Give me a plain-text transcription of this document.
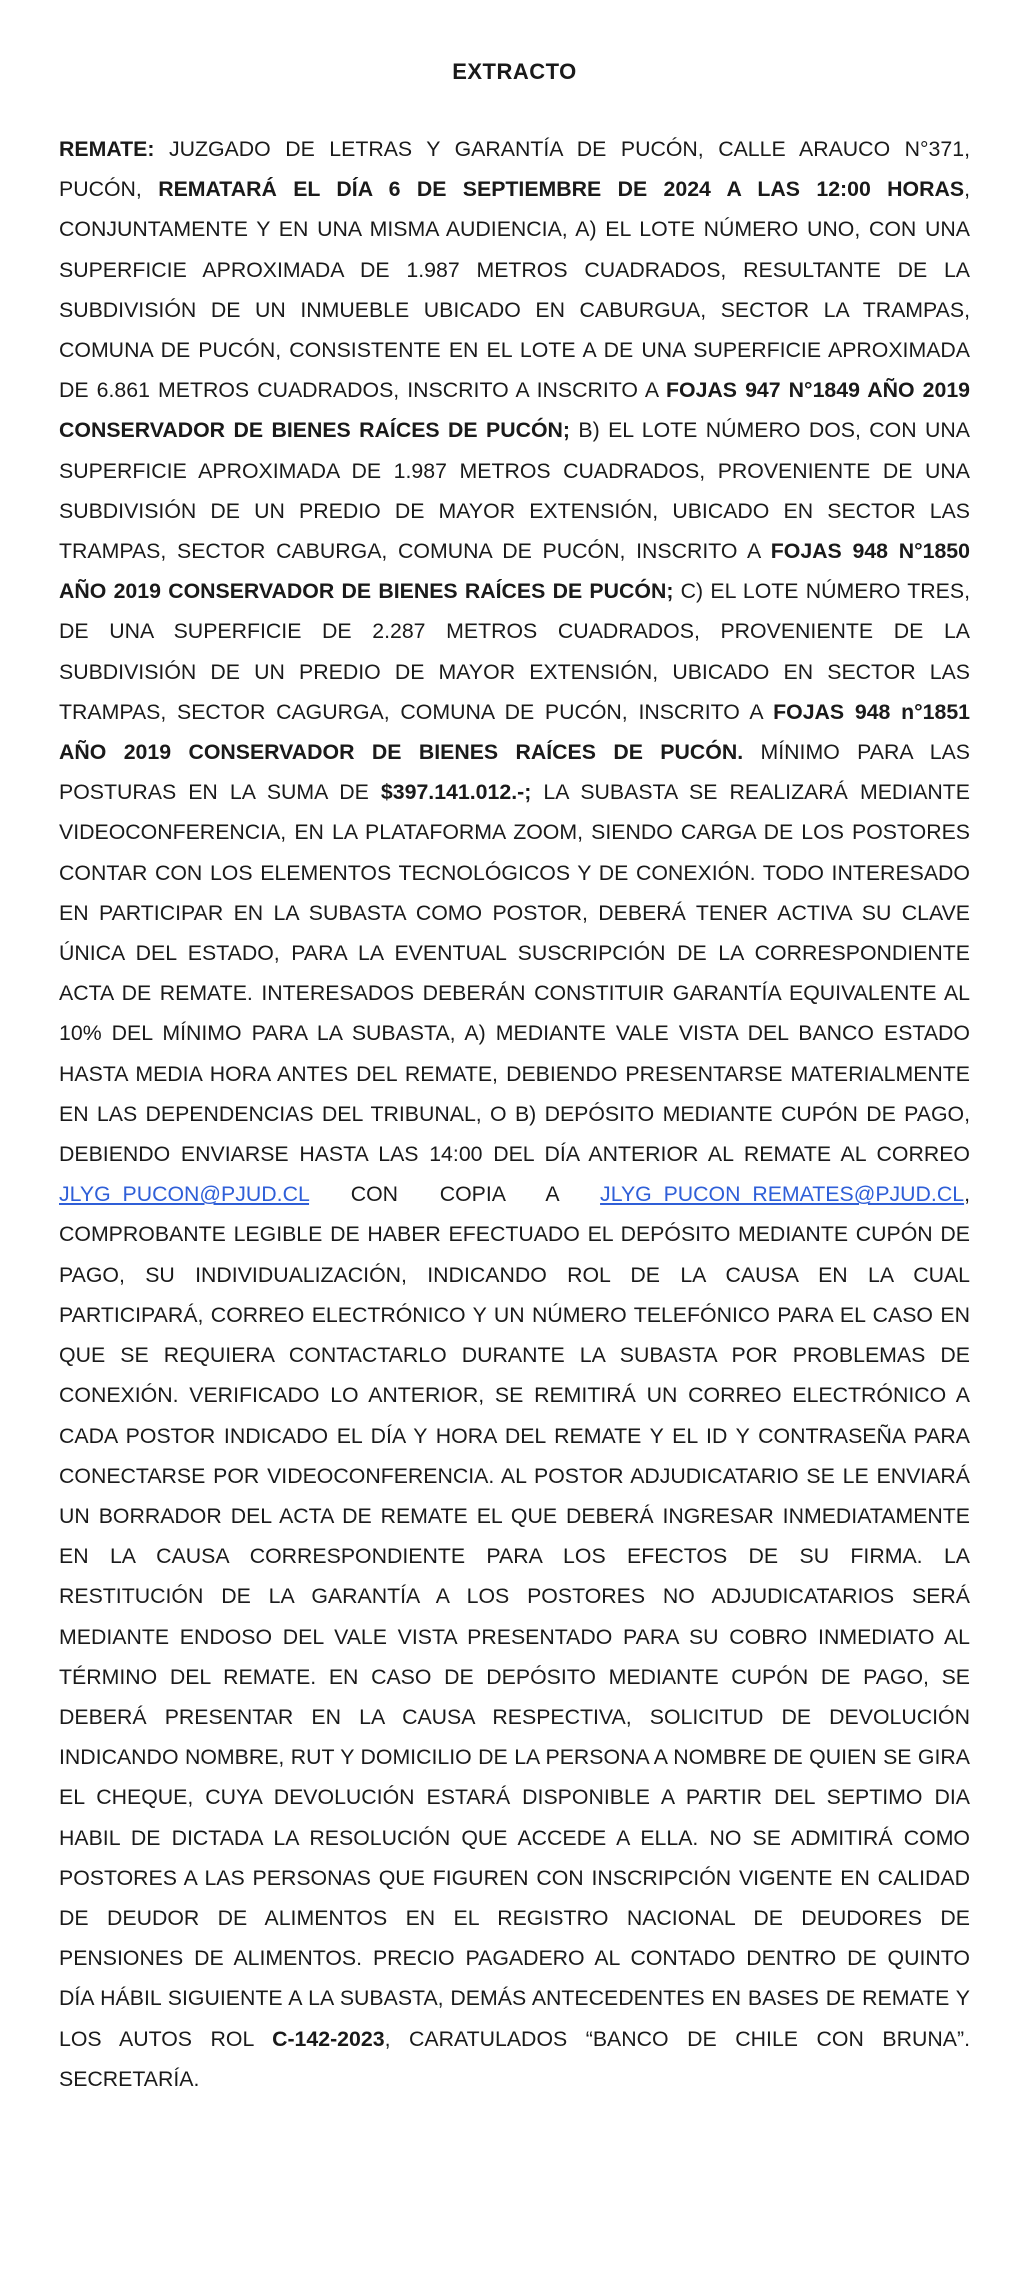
EXTRACTO

REMATE: JUZGADO DE LETRAS Y GARANTÍA DE PUCÓN, CALLE ARAUCO N°371, PUCÓN, REMATARÁ EL DÍA 6 DE SEPTIEMBRE DE 2024 A LAS 12:00 HORAS, CONJUNTAMENTE Y EN UNA MISMA AUDIENCIA, A) EL LOTE NÚMERO UNO, CON UNA SUPERFICIE APROXIMADA DE 1.987 METROS CUADRADOS, RESULTANTE DE LA SUBDIVISIÓN DE UN INMUEBLE UBICADO EN CABURGUA, SECTOR LA TRAMPAS, COMUNA DE PUCÓN, CONSISTENTE EN EL LOTE A DE UNA SUPERFICIE APROXIMADA DE 6.861 METROS CUADRADOS, INSCRITO A INSCRITO A FOJAS 947 N°1849 AÑO 2019 CONSERVADOR DE BIENES RAÍCES DE PUCÓN; B) EL LOTE NÚMERO DOS, CON UNA SUPERFICIE APROXIMADA DE 1.987 METROS CUADRADOS, PROVENIENTE DE UNA SUBDIVISIÓN DE UN PREDIO DE MAYOR EXTENSIÓN, UBICADO EN SECTOR LAS TRAMPAS, SECTOR CABURGA, COMUNA DE PUCÓN, INSCRITO A FOJAS 948 N°1850 AÑO 2019 CONSERVADOR DE BIENES RAÍCES DE PUCÓN; C) EL LOTE NÚMERO TRES, DE UNA SUPERFICIE DE 2.287 METROS CUADRADOS, PROVENIENTE DE LA SUBDIVISIÓN DE UN PREDIO DE MAYOR EXTENSIÓN, UBICADO EN SECTOR LAS TRAMPAS, SECTOR CAGURGA, COMUNA DE PUCÓN, INSCRITO A FOJAS 948 n°1851 AÑO 2019 CONSERVADOR DE BIENES RAÍCES DE PUCÓN. MÍNIMO PARA LAS POSTURAS EN LA SUMA DE $397.141.012.-; LA SUBASTA SE REALIZARÁ MEDIANTE VIDEOCONFERENCIA, EN LA PLATAFORMA ZOOM, SIENDO CARGA DE LOS POSTORES CONTAR CON LOS ELEMENTOS TECNOLÓGICOS Y DE CONEXIÓN. TODO INTERESADO EN PARTICIPAR EN LA SUBASTA COMO POSTOR, DEBERÁ TENER ACTIVA SU CLAVE ÚNICA DEL ESTADO, PARA LA EVENTUAL SUSCRIPCIÓN DE LA CORRESPONDIENTE ACTA DE REMATE. INTERESADOS DEBERÁN CONSTITUIR GARANTÍA EQUIVALENTE AL 10% DEL MÍNIMO PARA LA SUBASTA, A) MEDIANTE VALE VISTA DEL BANCO ESTADO HASTA MEDIA HORA ANTES DEL REMATE, DEBIENDO PRESENTARSE MATERIALMENTE EN LAS DEPENDENCIAS DEL TRIBUNAL, O B) DEPÓSITO MEDIANTE CUPÓN DE PAGO, DEBIENDO ENVIARSE HASTA LAS 14:00 DEL DÍA ANTERIOR AL REMATE AL CORREO JLYG_PUCON@PJUD.CL CON COPIA A JLYG_PUCON_REMATES@PJUD.CL, COMPROBANTE LEGIBLE DE HABER EFECTUADO EL DEPÓSITO MEDIANTE CUPÓN DE PAGO, SU INDIVIDUALIZACIÓN, INDICANDO ROL DE LA CAUSA EN LA CUAL PARTICIPARÁ, CORREO ELECTRÓNICO Y UN NÚMERO TELEFÓNICO PARA EL CASO EN QUE SE REQUIERA CONTACTARLO DURANTE LA SUBASTA POR PROBLEMAS DE CONEXIÓN. VERIFICADO LO ANTERIOR, SE REMITIRÁ UN CORREO ELECTRÓNICO A CADA POSTOR INDICADO EL DÍA Y HORA DEL REMATE Y EL ID Y CONTRASEÑA PARA CONECTARSE POR VIDEOCONFERENCIA. AL POSTOR ADJUDICATARIO SE LE ENVIARÁ UN BORRADOR DEL ACTA DE REMATE EL QUE DEBERÁ INGRESAR INMEDIATAMENTE EN LA CAUSA CORRESPONDIENTE PARA LOS EFECTOS DE SU FIRMA. LA RESTITUCIÓN DE LA GARANTÍA A LOS POSTORES NO ADJUDICATARIOS SERÁ MEDIANTE ENDOSO DEL VALE VISTA PRESENTADO PARA SU COBRO INMEDIATO AL TÉRMINO DEL REMATE. EN CASO DE DEPÓSITO MEDIANTE CUPÓN DE PAGO, SE DEBERÁ PRESENTAR EN LA CAUSA RESPECTIVA, SOLICITUD DE DEVOLUCIÓN INDICANDO NOMBRE, RUT Y DOMICILIO DE LA PERSONA A NOMBRE DE QUIEN SE GIRA EL CHEQUE, CUYA DEVOLUCIÓN ESTARÁ DISPONIBLE A PARTIR DEL SEPTIMO DIA HABIL DE DICTADA LA RESOLUCIÓN QUE ACCEDE A ELLA. NO SE ADMITIRÁ COMO POSTORES A LAS PERSONAS QUE FIGUREN CON INSCRIPCIÓN VIGENTE EN CALIDAD DE DEUDOR DE ALIMENTOS EN EL REGISTRO NACIONAL DE DEUDORES DE PENSIONES DE ALIMENTOS. PRECIO PAGADERO AL CONTADO DENTRO DE QUINTO DÍA HÁBIL SIGUIENTE A LA SUBASTA, DEMÁS ANTECEDENTES EN BASES DE REMATE Y LOS AUTOS ROL C-142-2023, CARATULADOS “BANCO DE CHILE CON BRUNA”. SECRETARÍA.
